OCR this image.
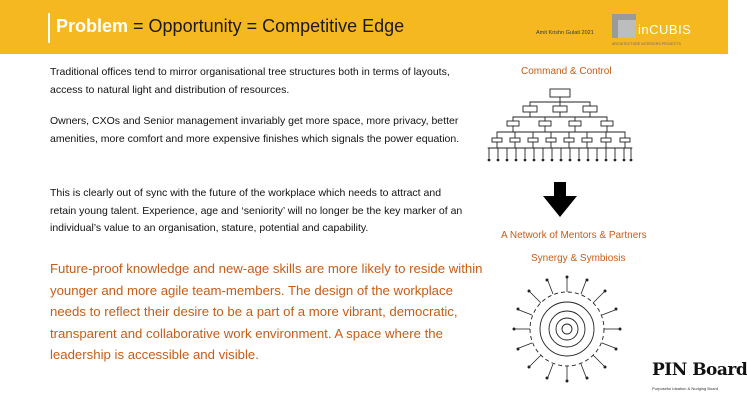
Problem = Opportunity = Competitive Edge	Amit Krishn Gulati 2021	inCUBIS
ARCHITECTURE INTERIORS PROJECTS

Traditional offices tend to mirror organisational tree structures both in terms of layouts, access to natural light and distribution of resources.

Owners, CXOs and Senior management invariably get more space, more privacy, better amenities, more comfort and more expensive finishes which signals the power equation.

This is clearly out of sync with the future of the workplace which needs to attract and retain young talent. Experience, age and ‘seniority’ will no longer be the key marker of an individual’s value to an organisation, stature, potential and capability.

Future-proof knowledge and new-age skills are more likely to reside within younger and more agile team-members. The design of the workplace needs to reflect their desire to be a part of a more vibrant, democratic, transparent and collaborative work environment. A space where the leadership is accessible and visible.

Command & Control
A Network of Mentors & Partners
Synergy & Symbiosis
PIN Board
Purposeful Ideation & Nudging Board
